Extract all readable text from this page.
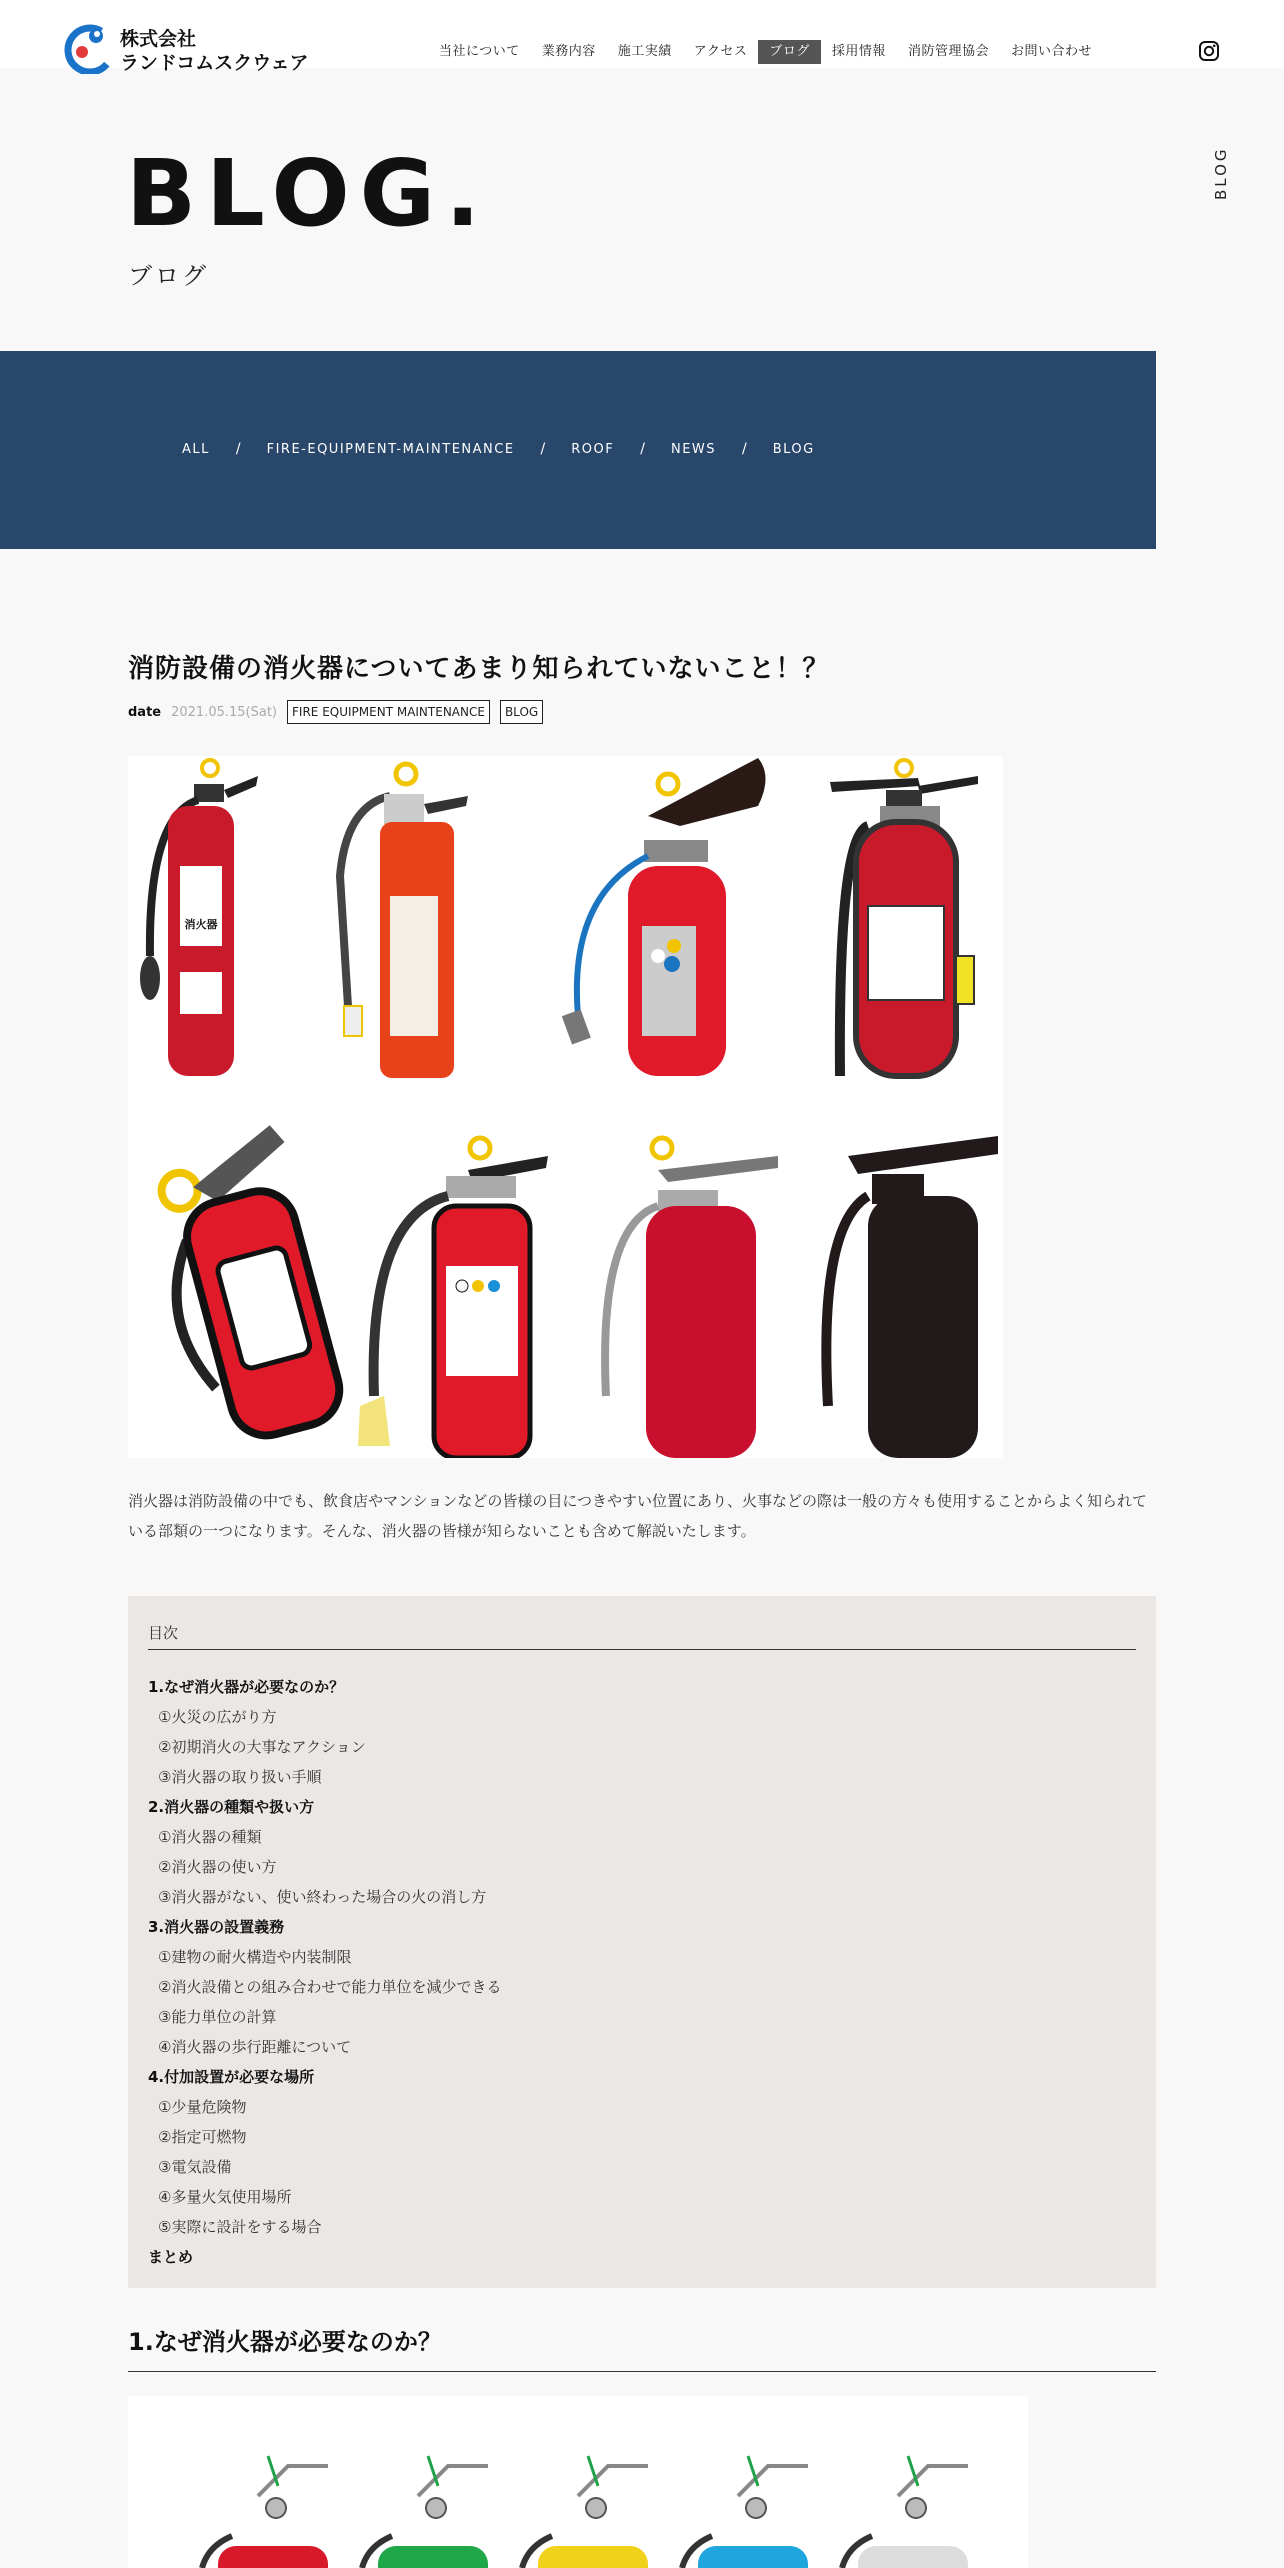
株式会社
ランドコムスクウェア
当社について	業務内容	施工実績	アクセス	ブログ	採用情報	消防管理協会	お問い合わせ
BLOG
BLOG.
ブログ
ALL / FIRE-EQUIPMENT-MAINTENANCE / ROOF / NEWS / BLOG
消防設備の消火器についてあまり知られていないこと！？
date 2021.05.15(Sat)	FIRE EQUIPMENT MAINTENANCE	BLOG
消火器

消火器は消防設備の中でも、飲食店やマンションなどの皆様の目につきやすい位置にあり、火事などの際は一般の方々も使用することからよく知られている部類の一つになります。そんな、消火器の皆様が知らないことも含めて解説いたします。

目次
1.なぜ消火器が必要なのか？
①火災の広がり方
②初期消火の大事なアクション
③消火器の取り扱い手順
2.消火器の種類や扱い方
①消火器の種類
②消火器の使い方
③消火器がない、使い終わった場合の火の消し方
3.消火器の設置義務
①建物の耐火構造や内装制限
②消火設備との組み合わせで能力単位を減少できる
③能力単位の計算
④消火器の歩行距離について
4.付加設置が必要な場所
①少量危険物
②指定可燃物
③電気設備
④多量火気使用場所
⑤実際に設計をする場合
まとめ
1.なぜ消火器が必要なのか？
